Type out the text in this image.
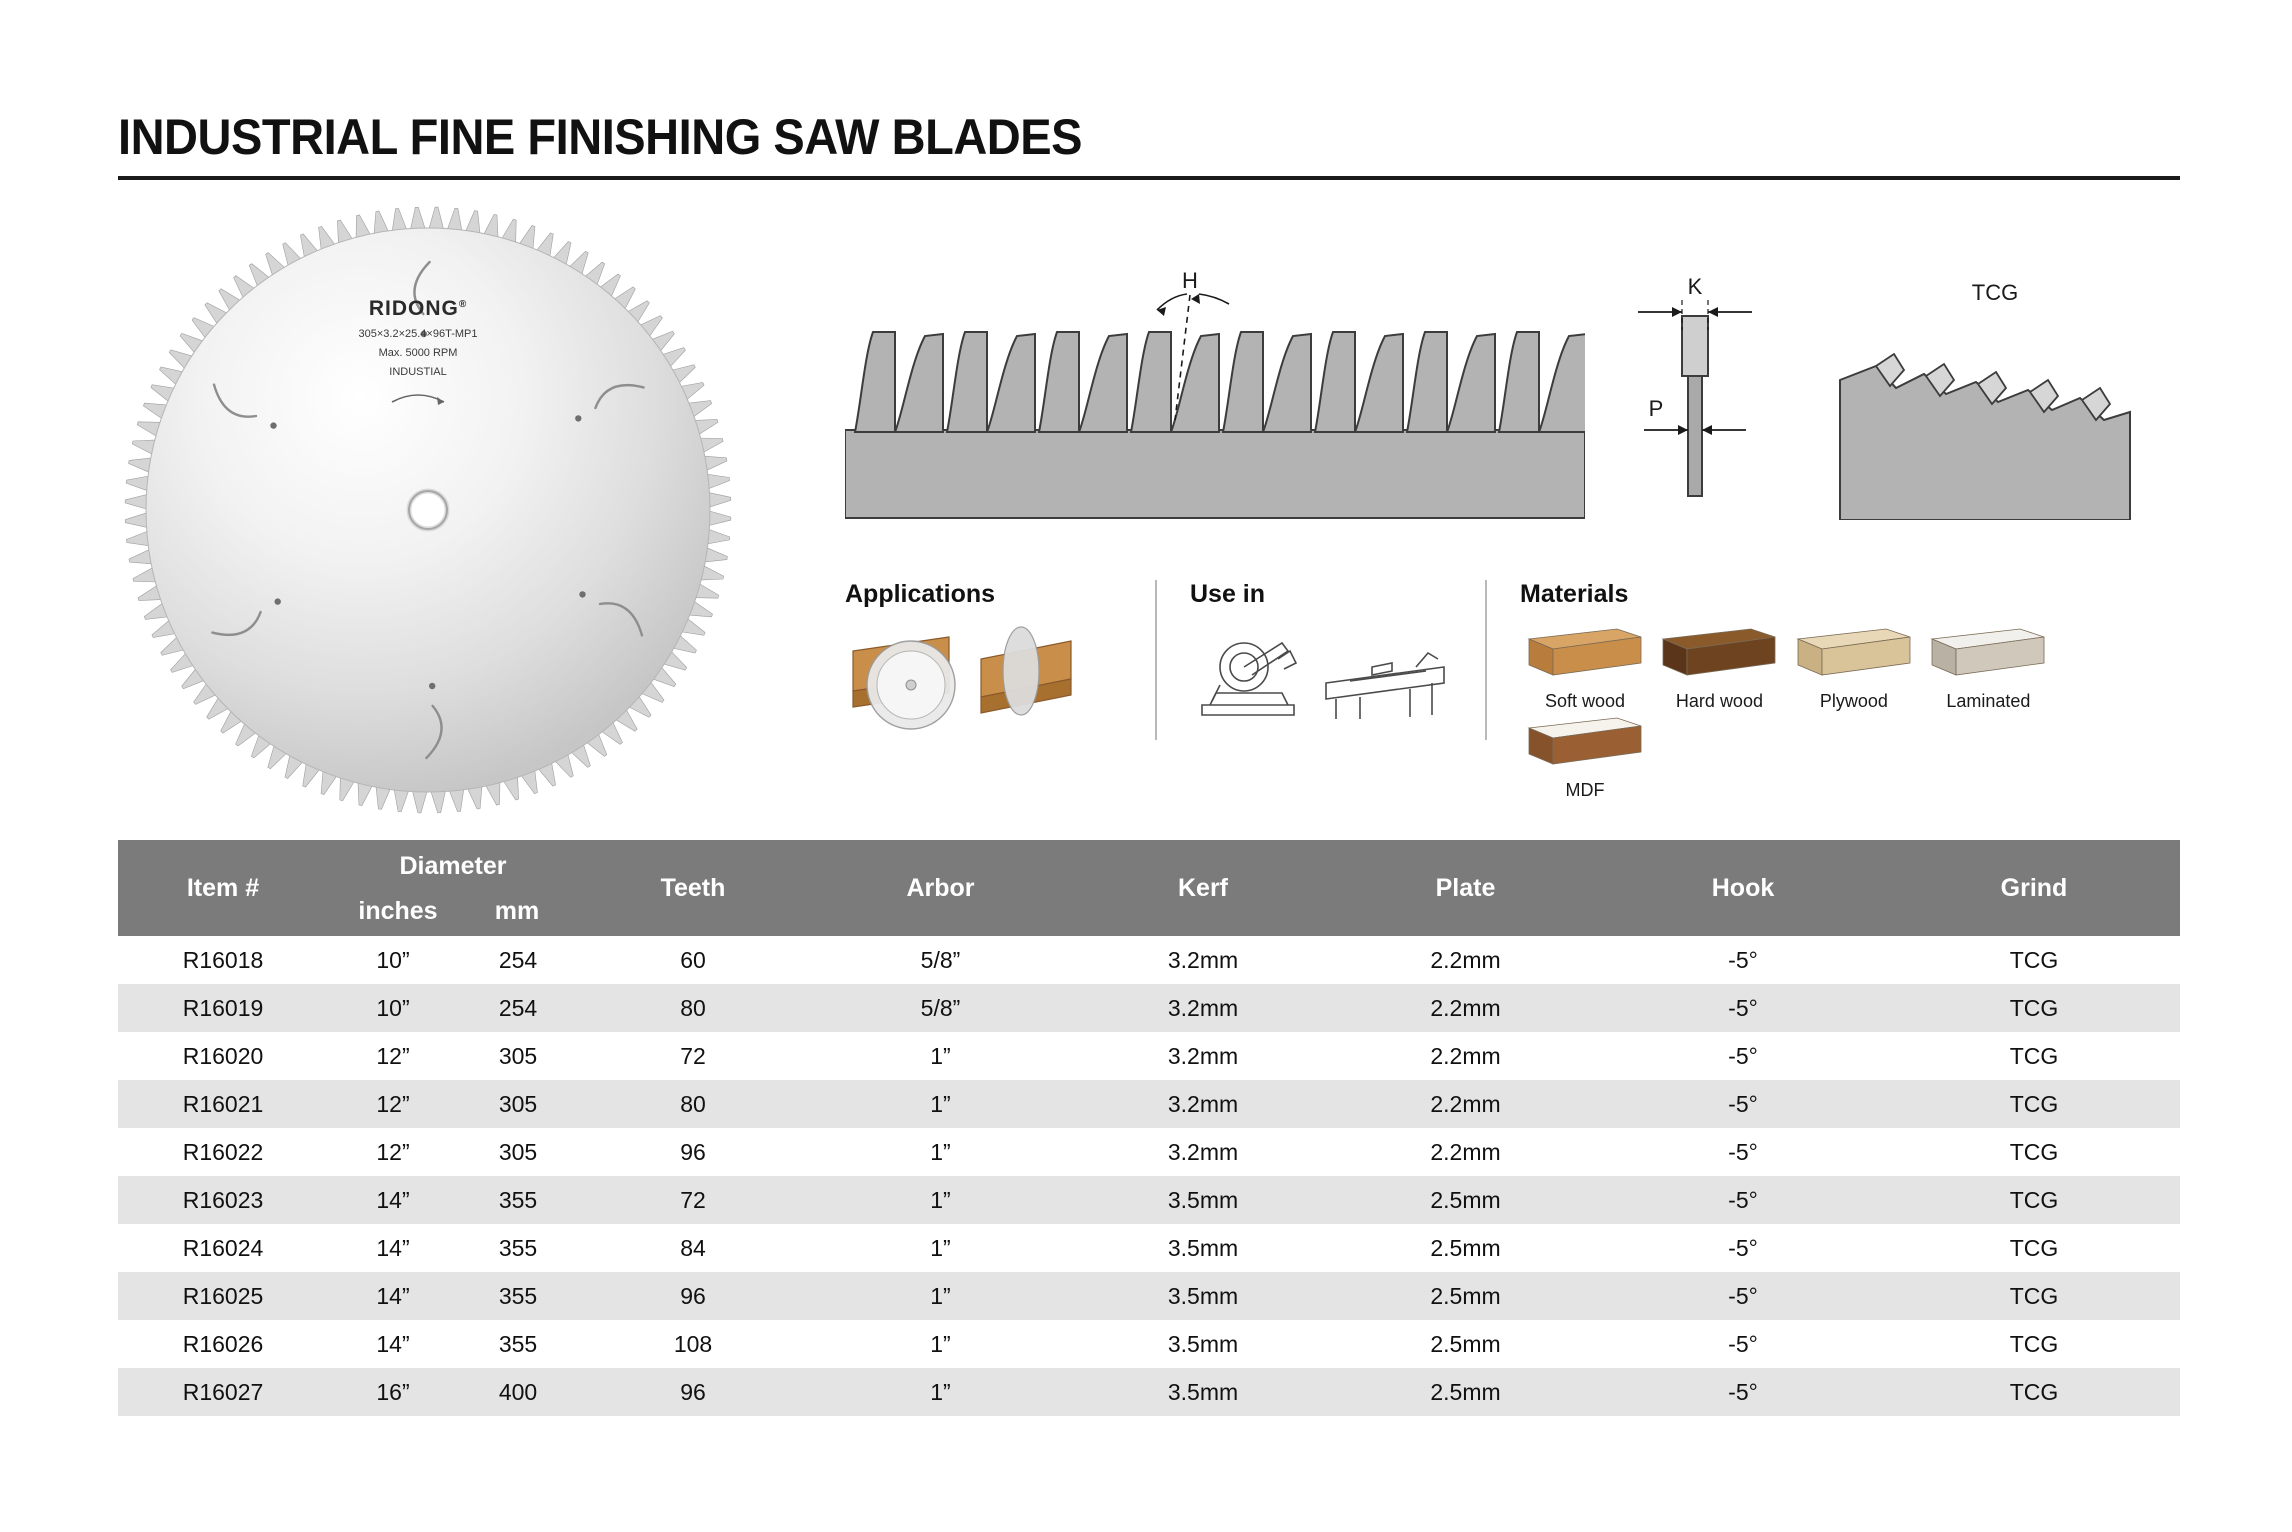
INDUSTRIAL FINE FINISHING SAW BLADES
RIDONG®
305×3.2×25.4×96T-MP1
Max. 5000 RPM
INDUSTIAL
H	K
P
TCG
Applications	Use in	Materials
Soft wood
	Hard wood
	Plywood
	Laminated

MDF
Item #	Diameter
inches mm		Teeth	Arbor	Kerf	Plate	Hook	Grind
R16018	10”	254	60	5/8”	3.2mm	2.2mm	-5°	TCG
R16019	10”	254	80	5/8”	3.2mm	2.2mm	-5°	TCG
R16020	12”	305	72	1”	3.2mm	2.2mm	-5°	TCG
R16021	12”	305	80	1”	3.2mm	2.2mm	-5°	TCG
R16022	12”	305	96	1”	3.2mm	2.2mm	-5°	TCG
R16023	14”	355	72	1”	3.5mm	2.5mm	-5°	TCG
R16024	14”	355	84	1”	3.5mm	2.5mm	-5°	TCG
R16025	14”	355	96	1”	3.5mm	2.5mm	-5°	TCG
R16026	14”	355	108	1”	3.5mm	2.5mm	-5°	TCG
R16027	16”	400	96	1”	3.5mm	2.5mm	-5°	TCG
